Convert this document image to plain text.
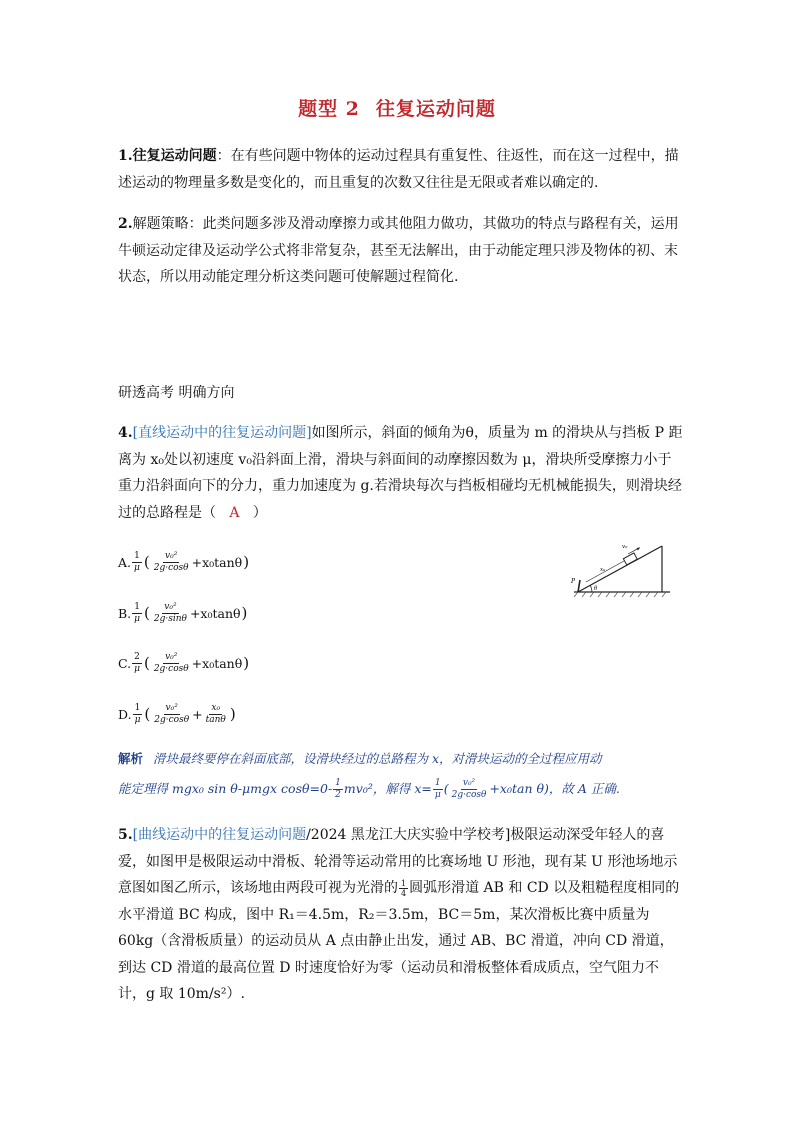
题型 2 往复运动问题
1.往复运动问题：在有些问题中物体的运动过程具有重复性、往返性，而在这一过程中，描述运动的物理量多数是变化的，而且重复的次数又往往是无限或者难以确定的.
2.解题策略：此类问题多涉及滑动摩擦力或其他阻力做功，其做功的特点与路程有关，运用牛顿运动定律及运动学公式将非常复杂，甚至无法解出，由于动能定理只涉及物体的初、末状态，所以用动能定理分析这类问题可使解题过程简化.
研透高考 明确方向
4.[直线运动中的往复运动问题]如图所示，斜面的倾角为θ，质量为 m 的滑块从与挡板 P 距离为 x₀处以初速度 v₀沿斜面上滑，滑块与斜面间的动摩擦因数为 μ，滑块所受摩擦力小于重力沿斜面向下的分力，重力加速度为 g.若滑块每次与挡板相碰均无机械能损失，则滑块经过的总路程是（ A ）
A. $\frac{1}{\mu}$ ( $\frac{\text{v₀²}}{2g\cdot\cos\theta} +x_0\tan\theta$ )
B. $\frac{1}{\mu}$ ( $\frac{\text{v₀²}}{2g\cdot\sin\theta} +x_0\tan\theta$ )
C. $\frac{2}{\mu}$ ( $\frac{\text{v₀²}}{2g\cdot\cos\theta} +x_0\tan\theta$ )
D. $\frac{1}{\mu}$ ( $\frac{\text{v₀²}}{2g\cdot\cos\theta} + \frac{\text{x₀}}{\tan\theta}$ )
P
θ
v₀
x₀
解析 滑块最终要停在斜面底部，设滑块经过的总路程为 x，对滑块运动的全过程应用动
能定理得 mgx₀ sin θ-μmgx $\cos\theta=0- \frac{1}{2} mv_0^2$，解得 $x= \frac{1}{\mu}$ ( $\frac{\text{v₀²}}{2g\cdot\cos\theta} +x_0\tan$ θ)，故 A 正确.
5.[曲线运动中的往复运动问题/2024 黑龙江大庆实验中学校考]极限运动深受年轻人的喜爱，如图甲是极限运动中滑板、轮滑等运动常用的比赛场地 U 形池，现有某 U 形池场地示意图如图乙所示，该场地由两段可视为光滑的 $\frac{1}{4}$ 圆弧形滑道 AB 和 CD 以及粗糙程度相同的水平滑道 BC 构成，图中 R₁＝4.5m，R₂＝3.5m，BC＝5m，某次滑板比赛中质量为 60kg（含滑板质量）的运动员从 A 点由静止出发，通过 AB、BC 滑道，冲向 CD 滑道，到达 CD 滑道的最高位置 D 时速度恰好为零（运动员和滑板整体看成质点，空气阻力不计，g 取 10m/s²）.
